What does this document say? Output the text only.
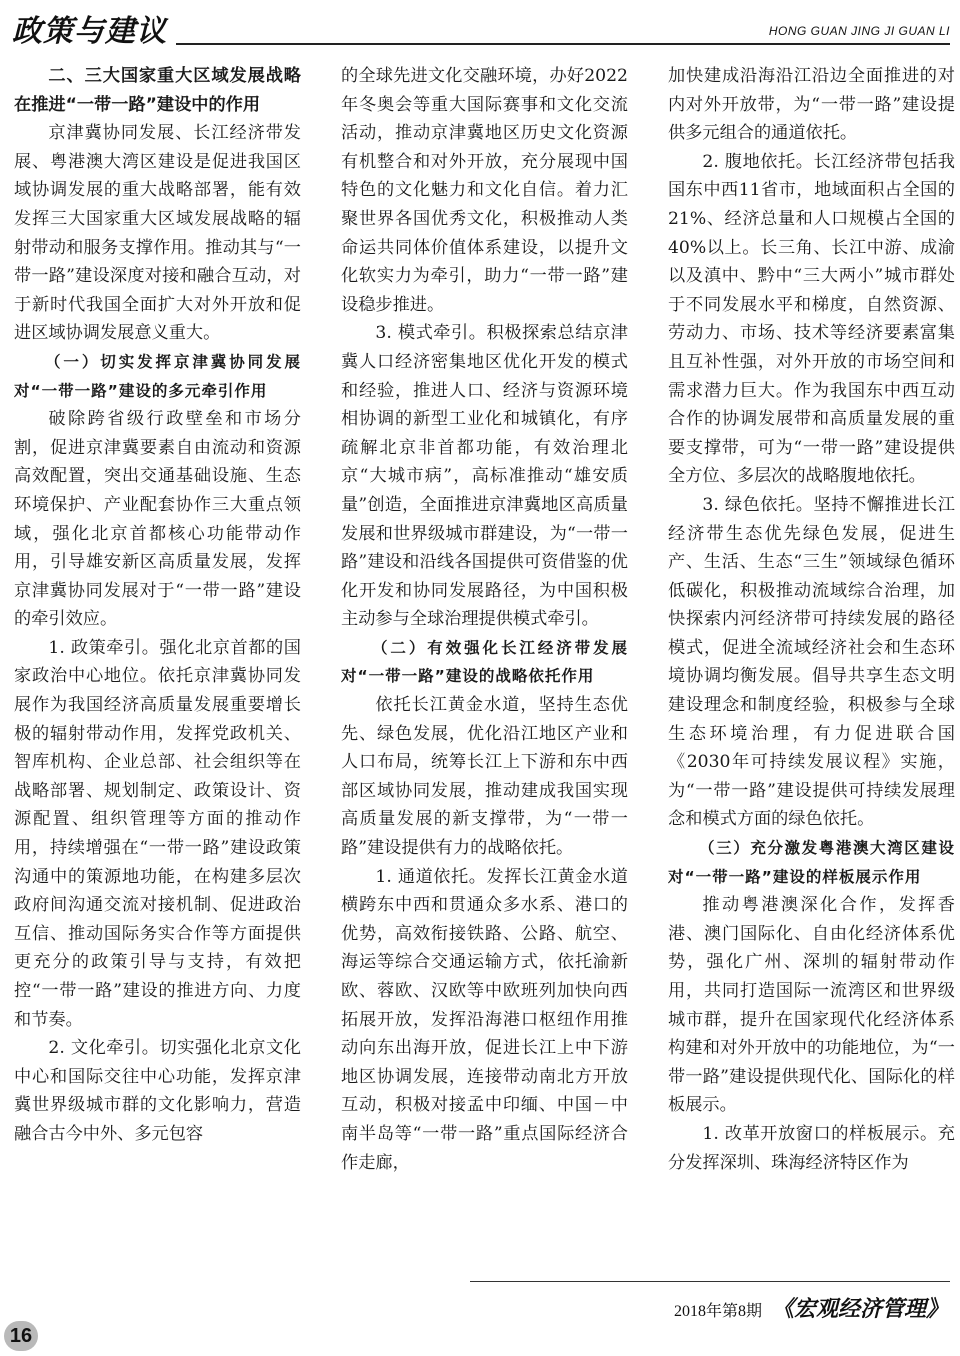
政策与建议	HONG GUAN JING JI GUAN LI
二、三大国家重大区域发展战略在推进“一带一路”建设中的作用

京津冀协同发展、长江经济带发展、粤港澳大湾区建设是促进我国区域协调发展的重大战略部署，能有效发挥三大国家重大区域发展战略的辐射带动和服务支撑作用。推动其与“一带一路”建设深度对接和融合互动，对于新时代我国全面扩大对外开放和促进区域协调发展意义重大。

（一）切实发挥京津冀协同发展对“一带一路”建设的多元牵引作用

破除跨省级行政壁垒和市场分割，促进京津冀要素自由流动和资源高效配置，突出交通基础设施、生态环境保护、产业配套协作三大重点领域，强化北京首都核心功能带动作用，引导雄安新区高质量发展，发挥京津冀协同发展对于“一带一路”建设的牵引效应。

1. 政策牵引。强化北京首都的国家政治中心地位。依托京津冀协同发展作为我国经济高质量发展重要增长极的辐射带动作用，发挥党政机关、智库机构、企业总部、社会组织等在战略部署、规划制定、政策设计、资源配置、组织管理等方面的推动作用，持续增强在“一带一路”建设政策沟通中的策源地功能，在构建多层次政府间沟通交流对接机制、促进政治互信、推动国际务实合作等方面提供更充分的政策引导与支持，有效把控“一带一路”建设的推进方向、力度和节奏。

2. 文化牵引。切实强化北京文化中心和国际交往中心功能，发挥京津冀世界级城市群的文化影响力，营造融合古今中外、多元包容

的全球先进文化交融环境，办好2022年冬奥会等重大国际赛事和文化交流活动，推动京津冀地区历史文化资源有机整合和对外开放，充分展现中国特色的文化魅力和文化自信。着力汇聚世界各国优秀文化，积极推动人类命运共同体价值体系建设，以提升文化软实力为牵引，助力“一带一路”建设稳步推进。

3. 模式牵引。积极探索总结京津冀人口经济密集地区优化开发的模式和经验，推进人口、经济与资源环境相协调的新型工业化和城镇化，有序疏解北京非首都功能，有效治理北京“大城市病”，高标准推动“雄安质量”创造，全面推进京津冀地区高质量发展和世界级城市群建设，为“一带一路”建设和沿线各国提供可资借鉴的优化开发和协同发展路径，为中国积极主动参与全球治理提供模式牵引。

（二）有效强化长江经济带发展对“一带一路”建设的战略依托作用

依托长江黄金水道，坚持生态优先、绿色发展，优化沿江地区产业和人口布局，统筹长江上下游和东中西部区域协同发展，推动建成我国实现高质量发展的新支撑带，为“一带一路”建设提供有力的战略依托。

1. 通道依托。发挥长江黄金水道横跨东中西和贯通众多水系、港口的优势，高效衔接铁路、公路、航空、海运等综合交通运输方式，依托渝新欧、蓉欧、汉欧等中欧班列加快向西拓展开放，发挥沿海港口枢纽作用推动向东出海开放，促进长江上中下游地区协调发展，连接带动南北方开放互动，积极对接孟中印缅、中国－中南半岛等“一带一路”重点国际经济合作走廊，

加快建成沿海沿江沿边全面推进的对内对外开放带，为“一带一路”建设提供多元组合的通道依托。

2. 腹地依托。长江经济带包括我国东中西11省市，地域面积占全国的21%、经济总量和人口规模占全国的40%以上。长三角、长江中游、成渝以及滇中、黔中“三大两小”城市群处于不同发展水平和梯度，自然资源、劳动力、市场、技术等经济要素富集且互补性强，对外开放的市场空间和需求潜力巨大。作为我国东中西互动合作的协调发展带和高质量发展的重要支撑带，可为“一带一路”建设提供全方位、多层次的战略腹地依托。

3. 绿色依托。坚持不懈推进长江经济带生态优先绿色发展，促进生产、生活、生态“三生”领域绿色循环低碳化，积极推动流域综合治理，加快探索内河经济带可持续发展的路径模式，促进全流域经济社会和生态环境协调均衡发展。倡导共享生态文明建设理念和制度经验，积极参与全球生态环境治理，有力促进联合国《2030年可持续发展议程》实施，为“一带一路”建设提供可持续发展理念和模式方面的绿色依托。

（三）充分激发粤港澳大湾区建设对“一带一路”建设的样板展示作用

推动粤港澳深化合作，发挥香港、澳门国际化、自由化经济体系优势，强化广州、深圳的辐射带动作用，共同打造国际一流湾区和世界级城市群，提升在国家现代化经济体系构建和对外开放中的功能地位，为“一带一路”建设提供现代化、国际化的样板展示。

1. 改革开放窗口的样板展示。充分发挥深圳、珠海经济特区作为

2018年第8期 《宏观经济管理》
16
